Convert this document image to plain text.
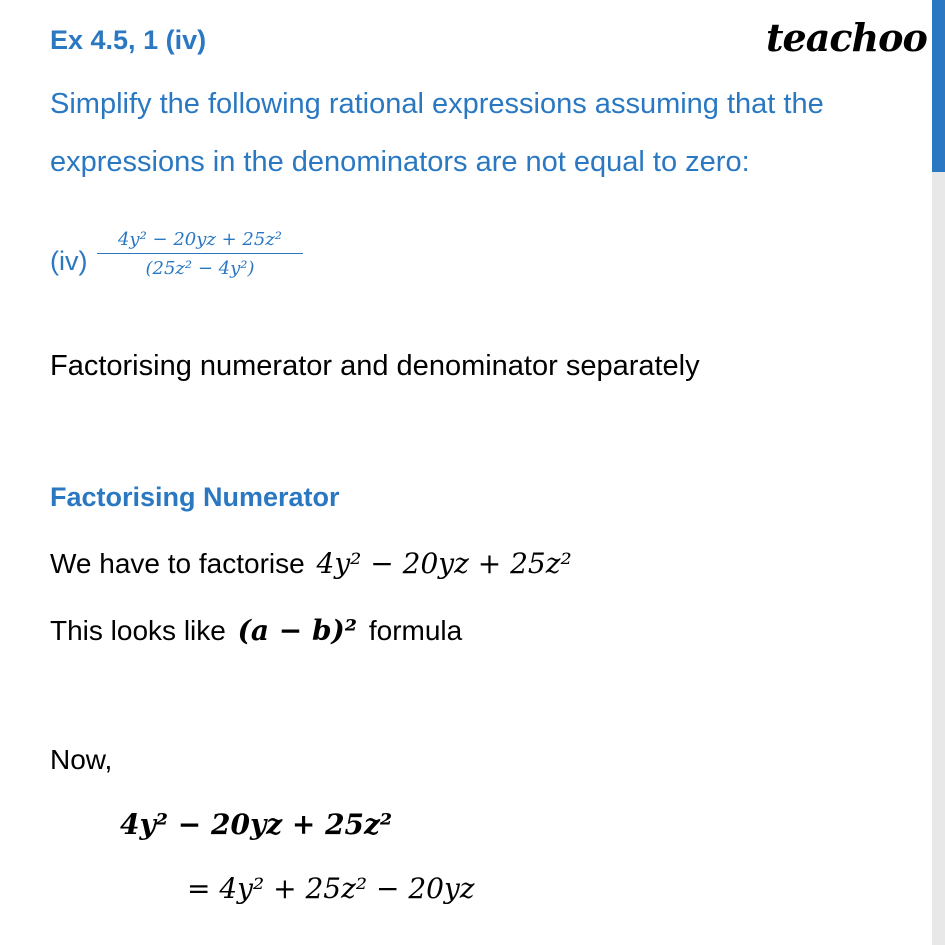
Ex 4.5, 1 (iv)	teachoo
Simplify the following rational expressions assuming that the
expressions in the denominators are not equal to zero:
$(iv) \frac{\text{4y² − 20yz + 25z²}}{\text{(25z² − 4y²)}}$
Factorising numerator and denominator separately
Factorising Numerator
We have to factorise 4y² − 20yz + 25z²
This looks like (a − b)² formula
Now,
4y² − 20yz + 25z²
= 4y² + 25z² − 20yz
